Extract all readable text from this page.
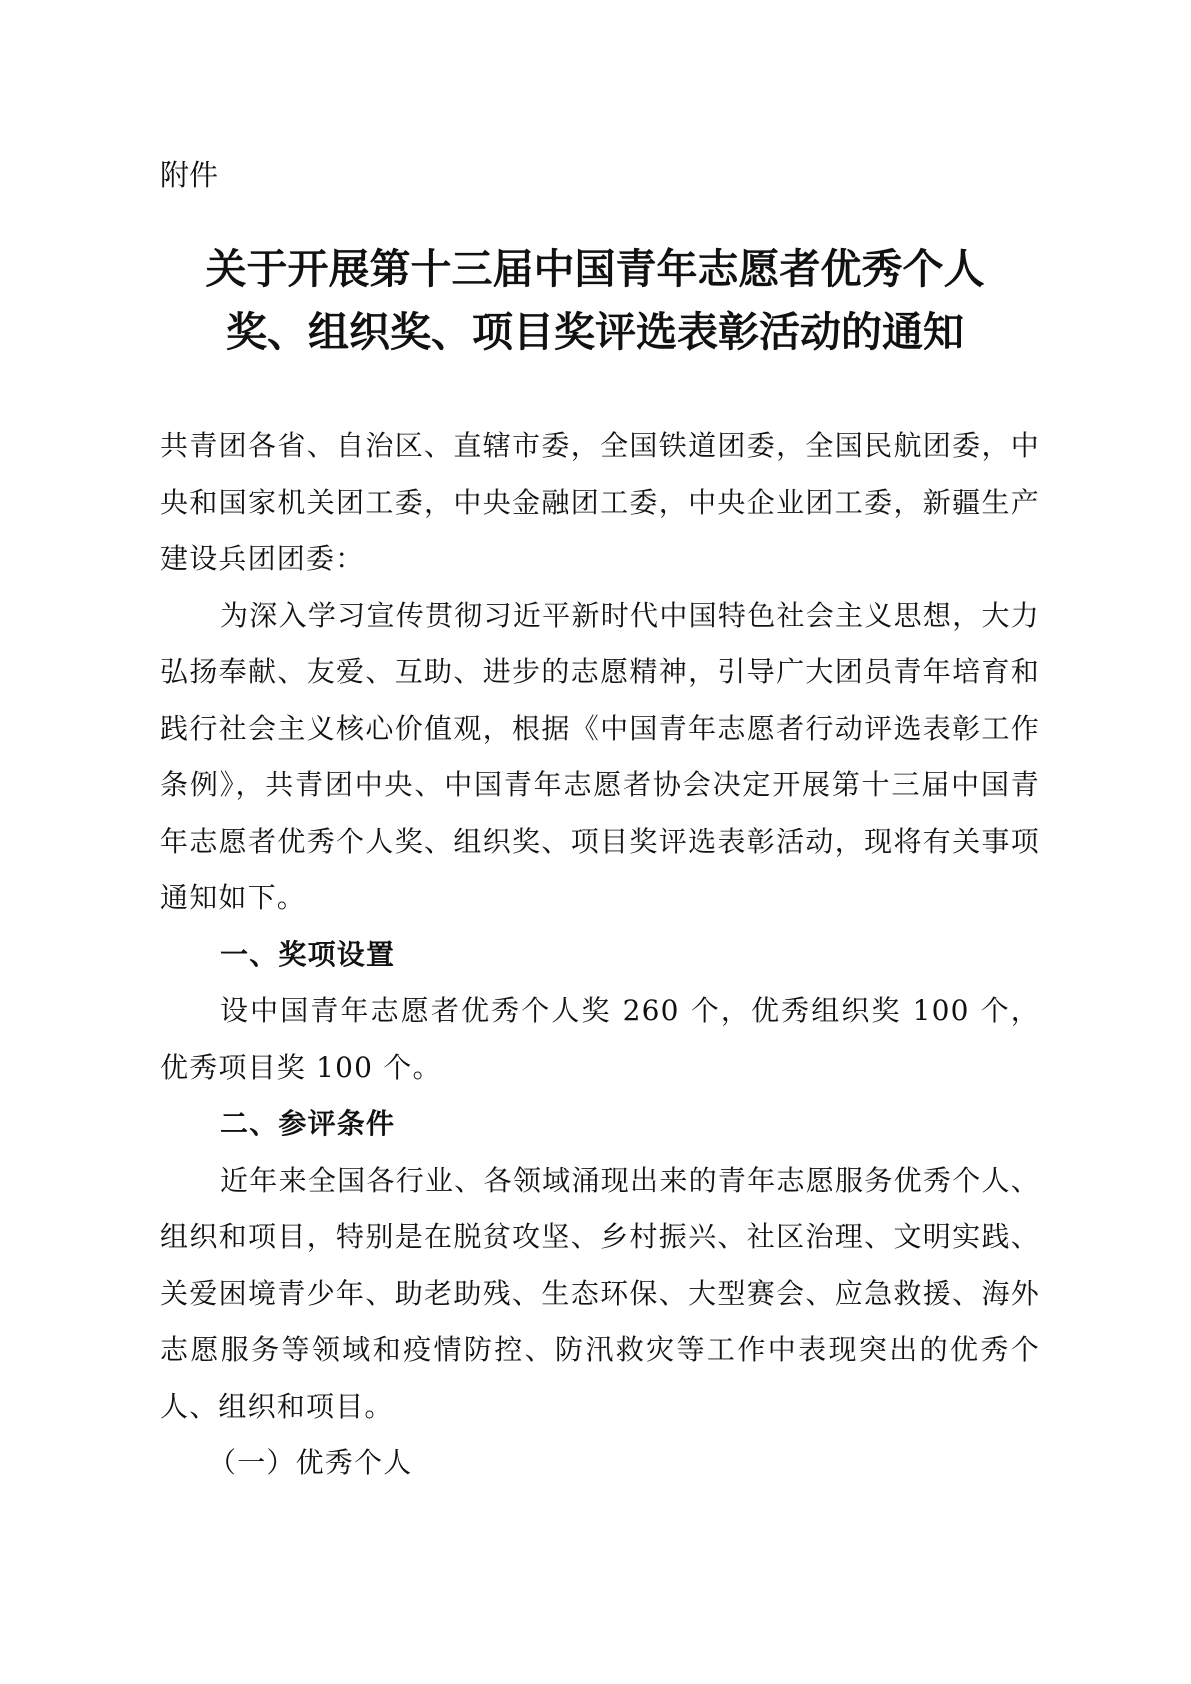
附件

关于开展第十三届中国青年志愿者优秀个人
奖、组织奖、项目奖评选表彰活动的通知

共青团各省、自治区、直辖市委，全国铁道团委，全国民航团委，中央和国家机关团工委，中央金融团工委，中央企业团工委，新疆生产建设兵团团委：

为深入学习宣传贯彻习近平新时代中国特色社会主义思想，大力弘扬奉献、友爱、互助、进步的志愿精神，引导广大团员青年培育和践行社会主义核心价值观，根据《中国青年志愿者行动评选表彰工作条例》，共青团中央、中国青年志愿者协会决定开展第十三届中国青年志愿者优秀个人奖、组织奖、项目奖评选表彰活动，现将有关事项通知如下。

一、奖项设置

设中国青年志愿者优秀个人奖 260 个，优秀组织奖 100 个，优秀项目奖 100 个。

二、参评条件

近年来全国各行业、各领域涌现出来的青年志愿服务优秀个人、组织和项目，特别是在脱贫攻坚、乡村振兴、社区治理、文明实践、关爱困境青少年、助老助残、生态环保、大型赛会、应急救援、海外志愿服务等领域和疫情防控、防汛救灾等工作中表现突出的优秀个人、组织和项目。

（一）优秀个人
